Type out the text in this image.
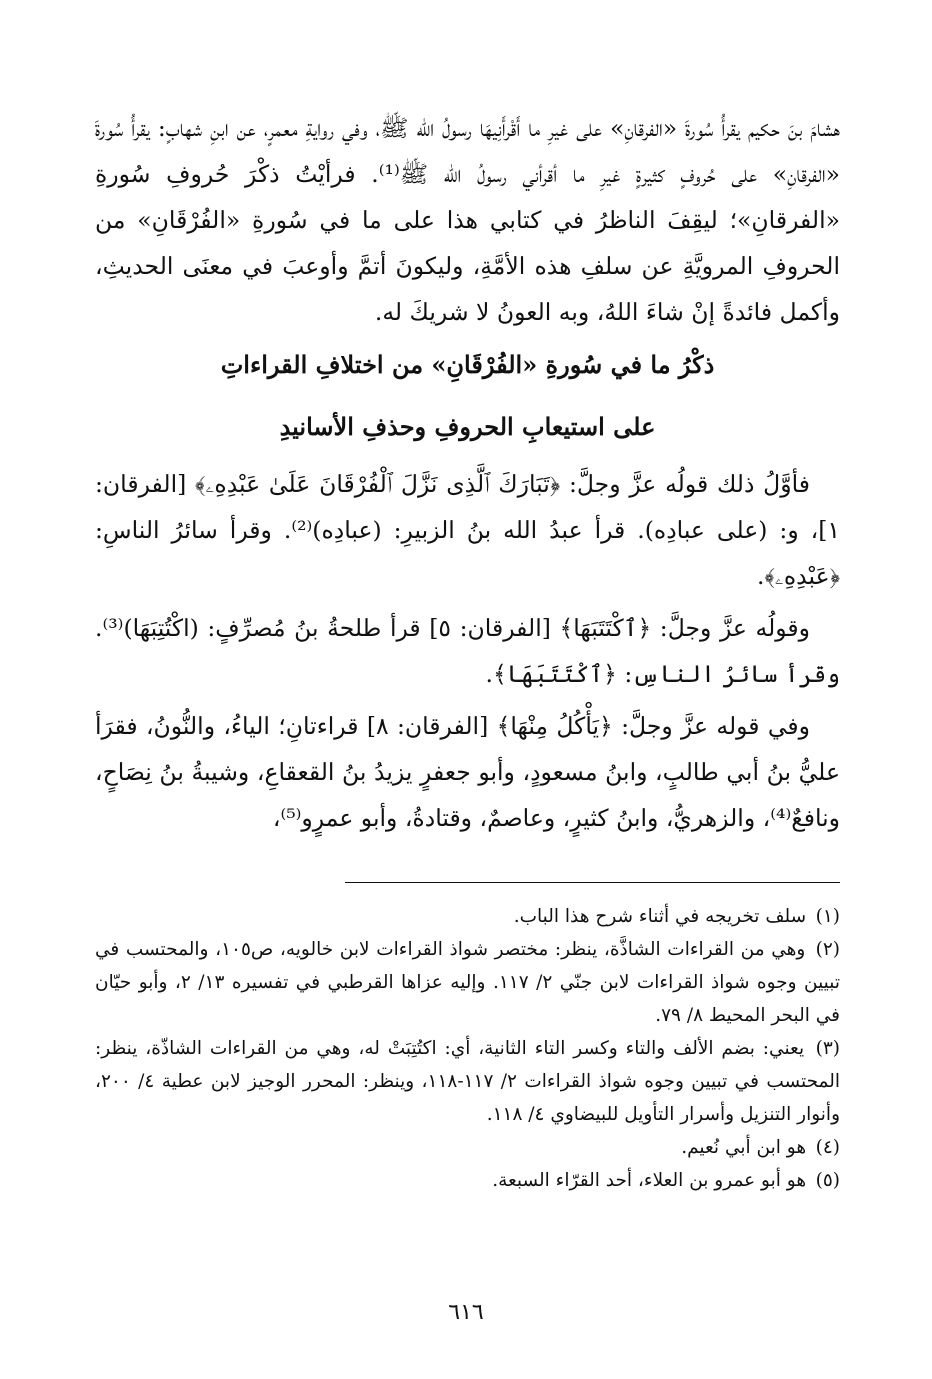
هشامَ بنَ حكيم يقرأُ سُورةَ «الفرقانِ» على غيرِ ما أَقْرأَنِيهَا رسولُ الله ﷺ، وفي روايةِ معمرٍ، عن ابنِ شهابٍ: يقرأُ سُورةَ «الفرقانِ» على حُروفٍ كثيرةٍ غيرِ ما أقرأني رسولُ الله ﷺ⁽¹⁾. فرأيْتُ ذكْرَ حُروفِ سُورةِ «الفرقانِ»؛ ليقِفَ الناظرُ في كتابي هذا على ما في سُورةِ «الفُرْقَانِ» من الحروفِ المرويَّةِ عن سلفِ هذه الأمَّةِ، وليكونَ أتمَّ وأوعبَ في معنَى الحديثِ، وأكمل فائدةً إنْ شاءَ اللهُ، وبه العونُ لا شريكَ له.

ذكْرُ ما في سُورةِ «الفُرْقَانِ» من اختلافِ القراءاتِ
على استيعابِ الحروفِ وحذفِ الأسانيدِ

فأوَّلُ ذلك قولُه عزَّ وجلَّ: ﴿تَبَارَكَ ٱلَّذِى نَزَّلَ ٱلْفُرْقَانَ عَلَىٰ عَبْدِهِۦ﴾ [الفرقان: ١]، و: (على عبادِه). قرأ عبدُ الله بنُ الزبيرِ: (عبادِه)⁽²⁾. وقرأ سائرُ الناسِ: ﴿عَبْدِهِۦ﴾.

وقولُه عزَّ وجلَّ: ﴿ٱكْتَتَبَهَا﴾ [الفرقان: ٥] قرأ طلحةُ بنُ مُصرِّفٍ: (اكْتُتِبَهَا)⁽³⁾. وقرأ سائرُ الناسِ: ﴿ٱكْتَتَبَهَا﴾.

وفي قوله عزَّ وجلَّ: ﴿يَأْكُلُ مِنْهَا﴾ [الفرقان: ٨] قراءتانِ؛ الياءُ، والنُّونُ، فقرَأ عليُّ بنُ أبي طالبٍ، وابنُ مسعودٍ، وأبو جعفرٍ يزيدُ بنُ القعقاعِ، وشيبةُ بنُ نِصَاحٍ، ونافعٌ⁽⁴⁾، والزهريُّ، وابنُ كثيرٍ، وعاصمٌ، وقتادةُ، وأبو عمرٍو⁽⁵⁾،

(١) سلف تخريجه في أثناء شرح هذا الباب.

(٢) وهي من القراءات الشاذَّة، ينظر: مختصر شواذ القراءات لابن خالويه، ص١٠٥، والمحتسب في تبيين وجوه شواذ القراءات لابن جنّي ٢/ ١١٧. وإليه عزاها القرطبي في تفسيره ١٣/ ٢، وأبو حيّان في البحر المحيط ٨/ ٧٩.

(٣) يعني: بضم الألف والتاء وكسر التاء الثانية، أي: اكتُتِبَتْ له، وهي من القراءات الشاذّة، ينظر: المحتسب في تبيين وجوه شواذ القراءات ٢/ ١١٧-١١٨، وينظر: المحرر الوجيز لابن عطية ٤/ ٢٠٠، وأنوار التنزيل وأسرار التأويل للبيضاوي ٤/ ١١٨.

(٤) هو ابن أبي نُعيم.

(٥) هو أبو عمرو بن العلاء، أحد القرّاء السبعة.

٦١٦
